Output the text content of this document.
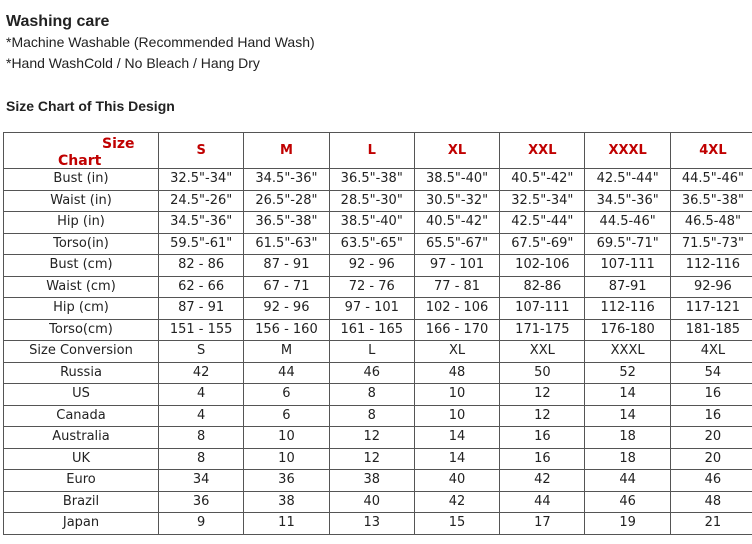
Washing care

*Machine Washable (Recommended Hand Wash)

*Hand WashCold / No Bleach / Hang Dry

Size Chart of This Design
Size
Chart	S	M	L	XL	XXL	XXXL	4XL
Bust (in)	32.5"-34"	34.5"-36"	36.5"-38"	38.5"-40"	40.5"-42"	42.5"-44"	44.5"-46"
Waist (in)	24.5"-26"	26.5"-28"	28.5"-30"	30.5"-32"	32.5"-34"	34.5"-36"	36.5"-38"
Hip (in)	34.5"-36"	36.5"-38"	38.5"-40"	40.5"-42"	42.5"-44"	44.5-46"	46.5-48"
Torso(in)	59.5"-61"	61.5"-63"	63.5"-65"	65.5"-67"	67.5"-69"	69.5"-71"	71.5"-73"
Bust (cm)	82 - 86	87 - 91	92 - 96	97 - 101	102-106	107-111	112-116
Waist (cm)	62 - 66	67 - 71	72 - 76	77 - 81	82-86	87-91	92-96
Hip (cm)	87 - 91	92 - 96	97 - 101	102 - 106	107-111	112-116	117-121
Torso(cm)	151 - 155	156 - 160	161 - 165	166 - 170	171-175	176-180	181-185
Size Conversion	S	M	L	XL	XXL	XXXL	4XL
Russia	42	44	46	48	50	52	54
US	4	6	8	10	12	14	16
Canada	4	6	8	10	12	14	16
Australia	8	10	12	14	16	18	20
UK	8	10	12	14	16	18	20
Euro	34	36	38	40	42	44	46
Brazil	36	38	40	42	44	46	48
Japan	9	11	13	15	17	19	21
